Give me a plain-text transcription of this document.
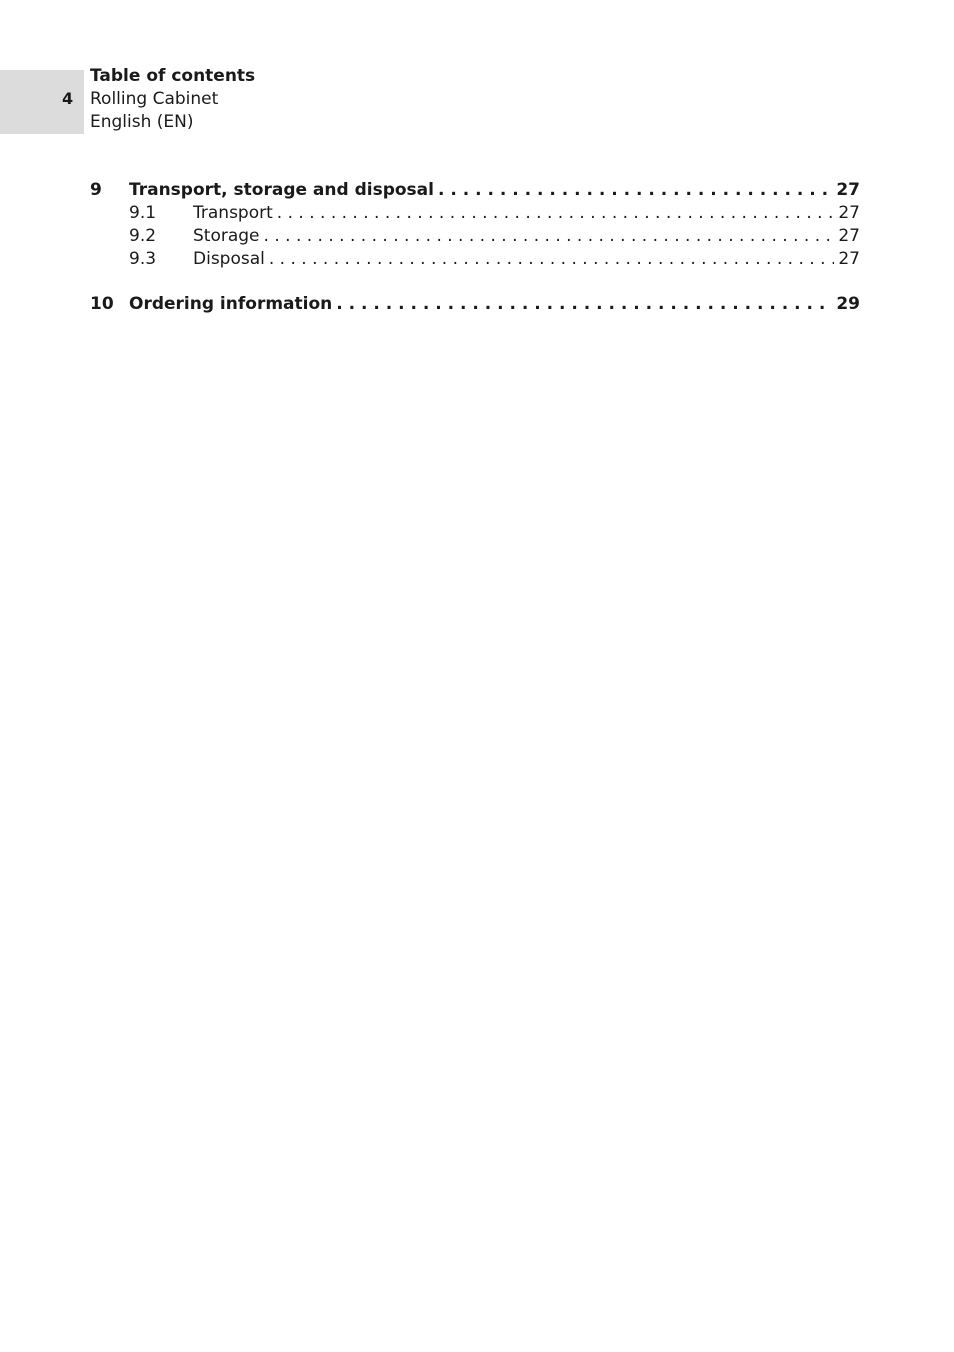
4
Table of contents
Rolling Cabinet
English (EN)
9	Transport, storage and disposal . . .	27
9.1	Transport . . .	27
9.2	Storage . . .	27
9.3	Disposal . . .	27
10 Ordering information . . .	29
